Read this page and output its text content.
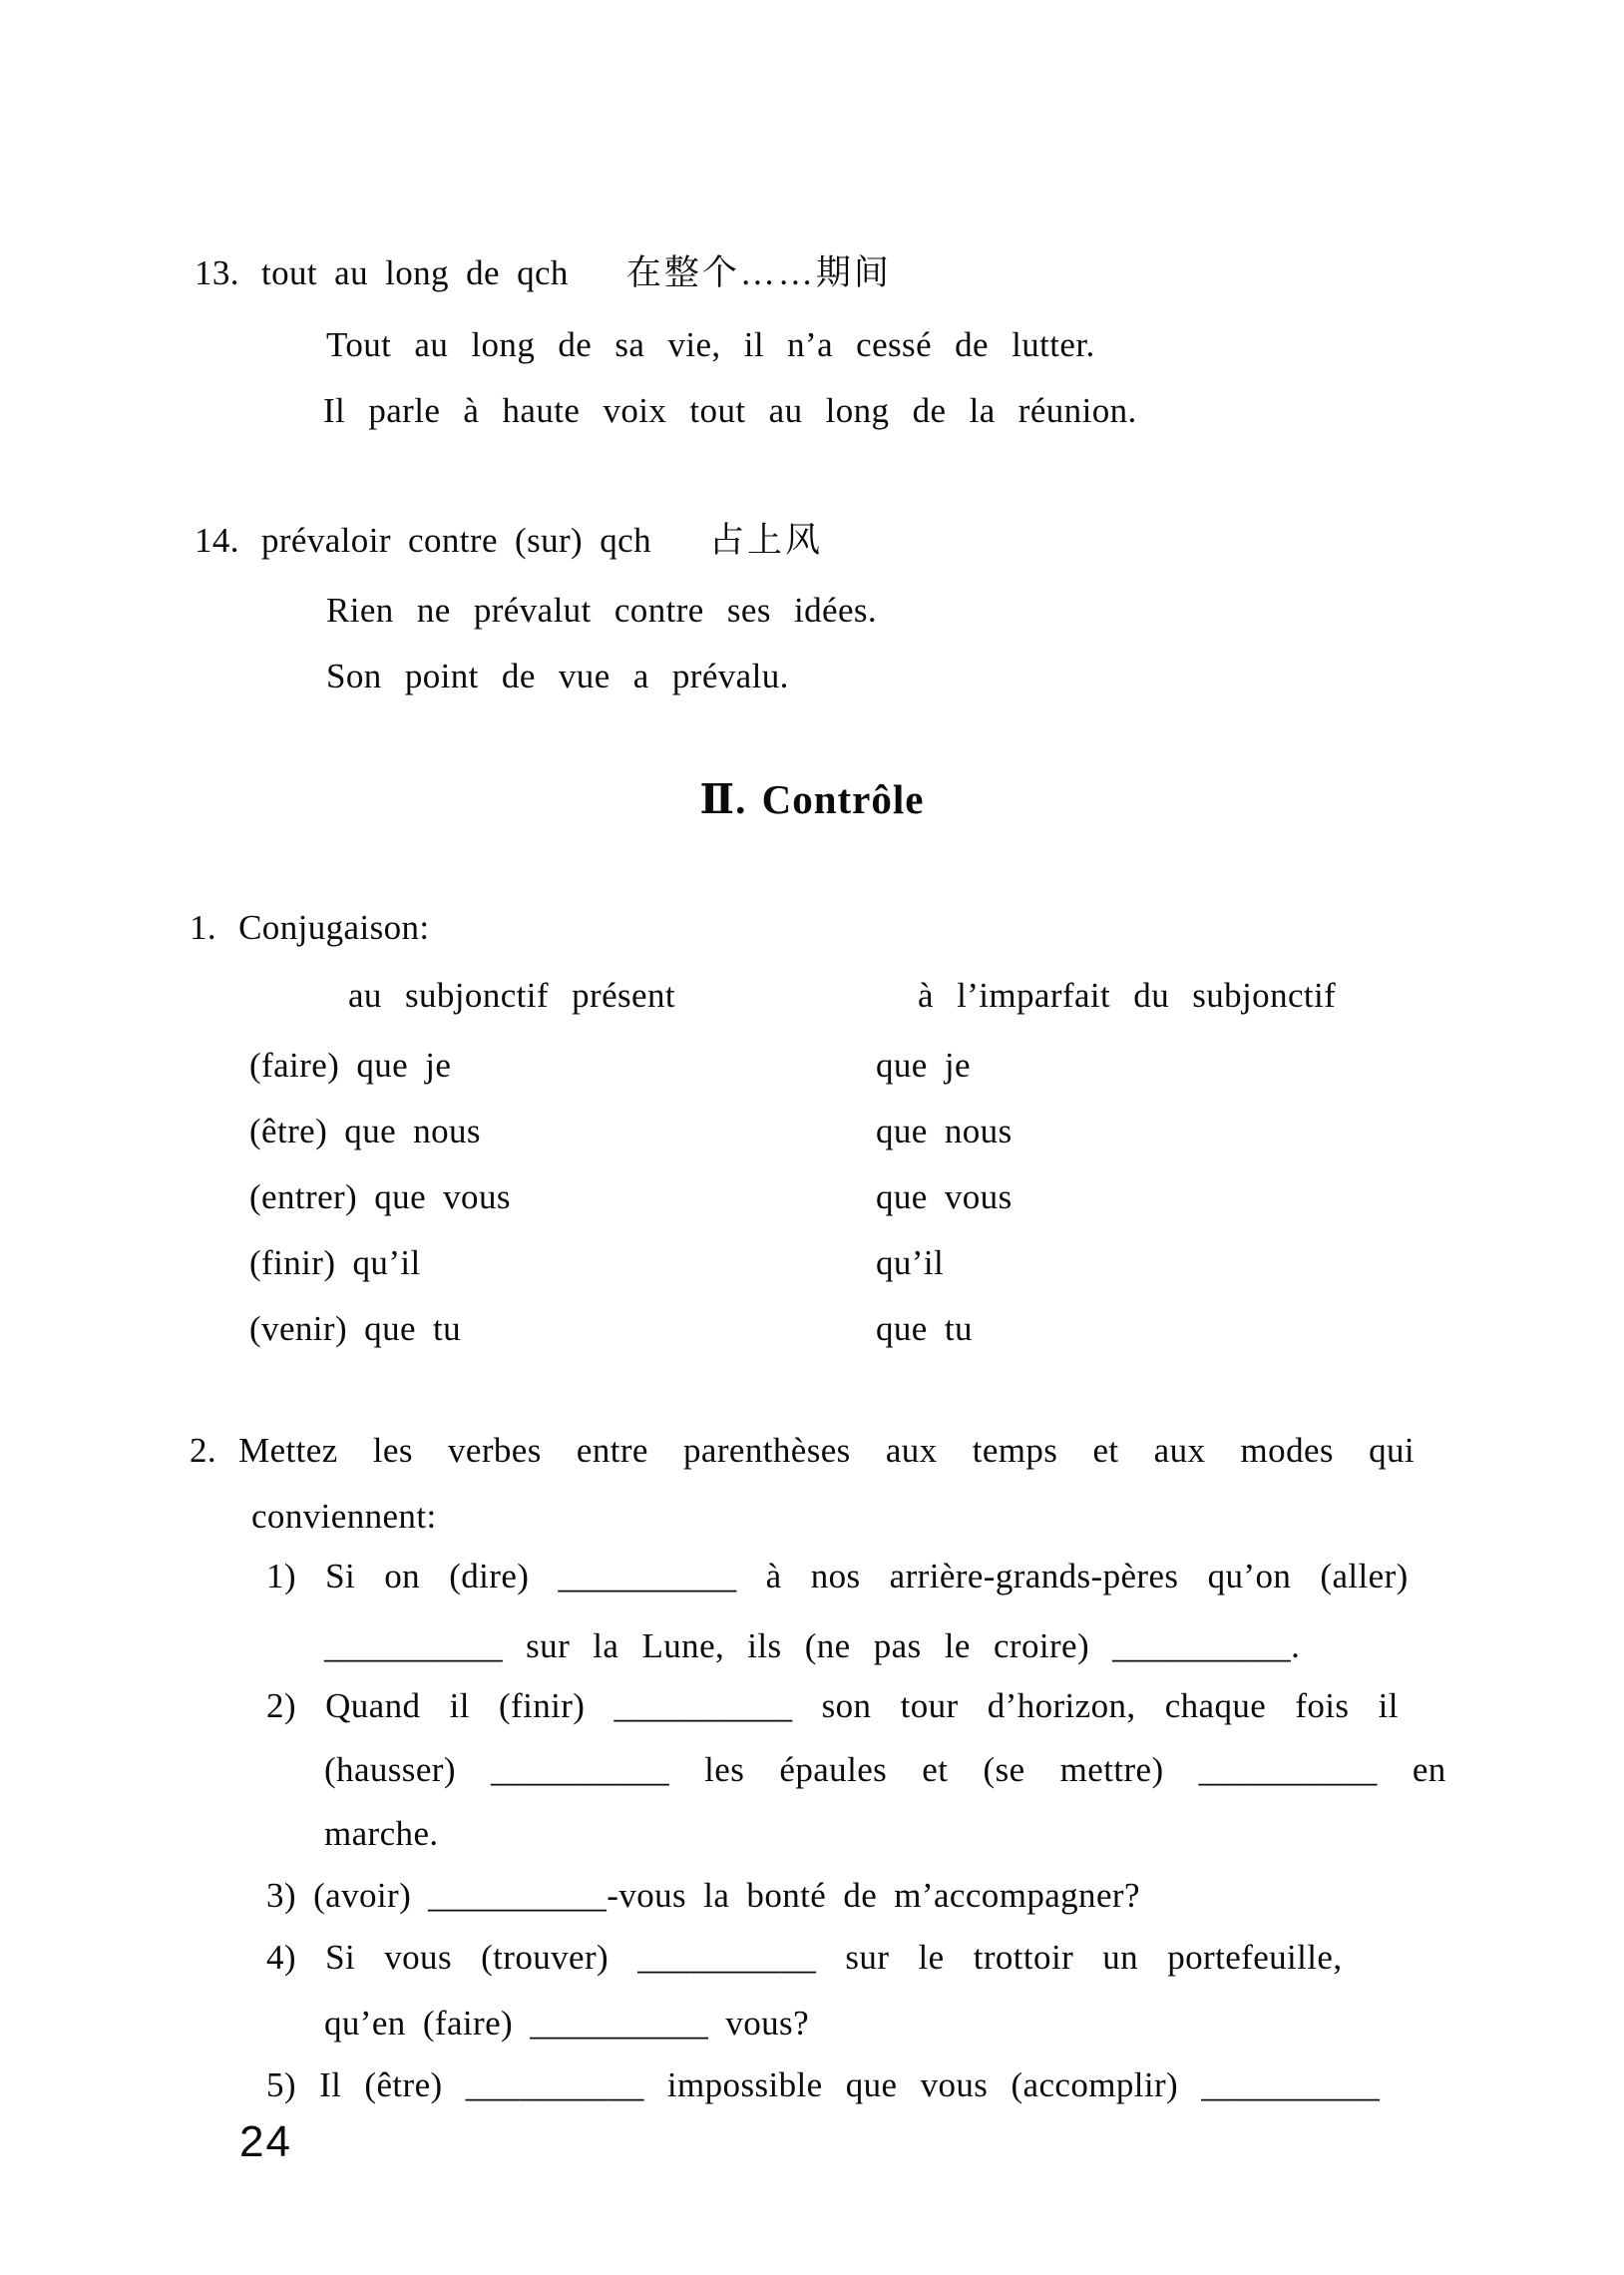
13. tout au long de qch 在整个……期间
Tout au long de sa vie, il n’a cessé de lutter.
Il parle à haute voix tout au long de la réunion.
14. prévaloir contre (sur) qch 占上风
Rien ne prévalut contre ses idées.
Son point de vue a prévalu.
Ⅱ. Contrôle
1. Conjugaison:
au subjonctif présent	à l’imparfait du subjonctif
(faire) que je	que je
(être) que nous	que nous
(entrer) que vous	que vous
(finir) qu’il	qu’il
(venir) que tu	que tu
2. Mettez les verbes entre parenthèses aux temps et aux modes qui
conviennent:
1) Si on (dire) __________ à nos arrière-grands-pères qu’on (aller)
__________ sur la Lune, ils (ne pas le croire) __________.
2) Quand il (finir) __________ son tour d’horizon, chaque fois il
(hausser) __________ les épaules et (se mettre) __________ en
marche.
3) (avoir) __________-vous la bonté de m’accompagner?
4) Si vous (trouver) __________ sur le trottoir un portefeuille,
qu’en (faire) __________ vous?
5) Il (être) __________ impossible que vous (accomplir) __________
24
